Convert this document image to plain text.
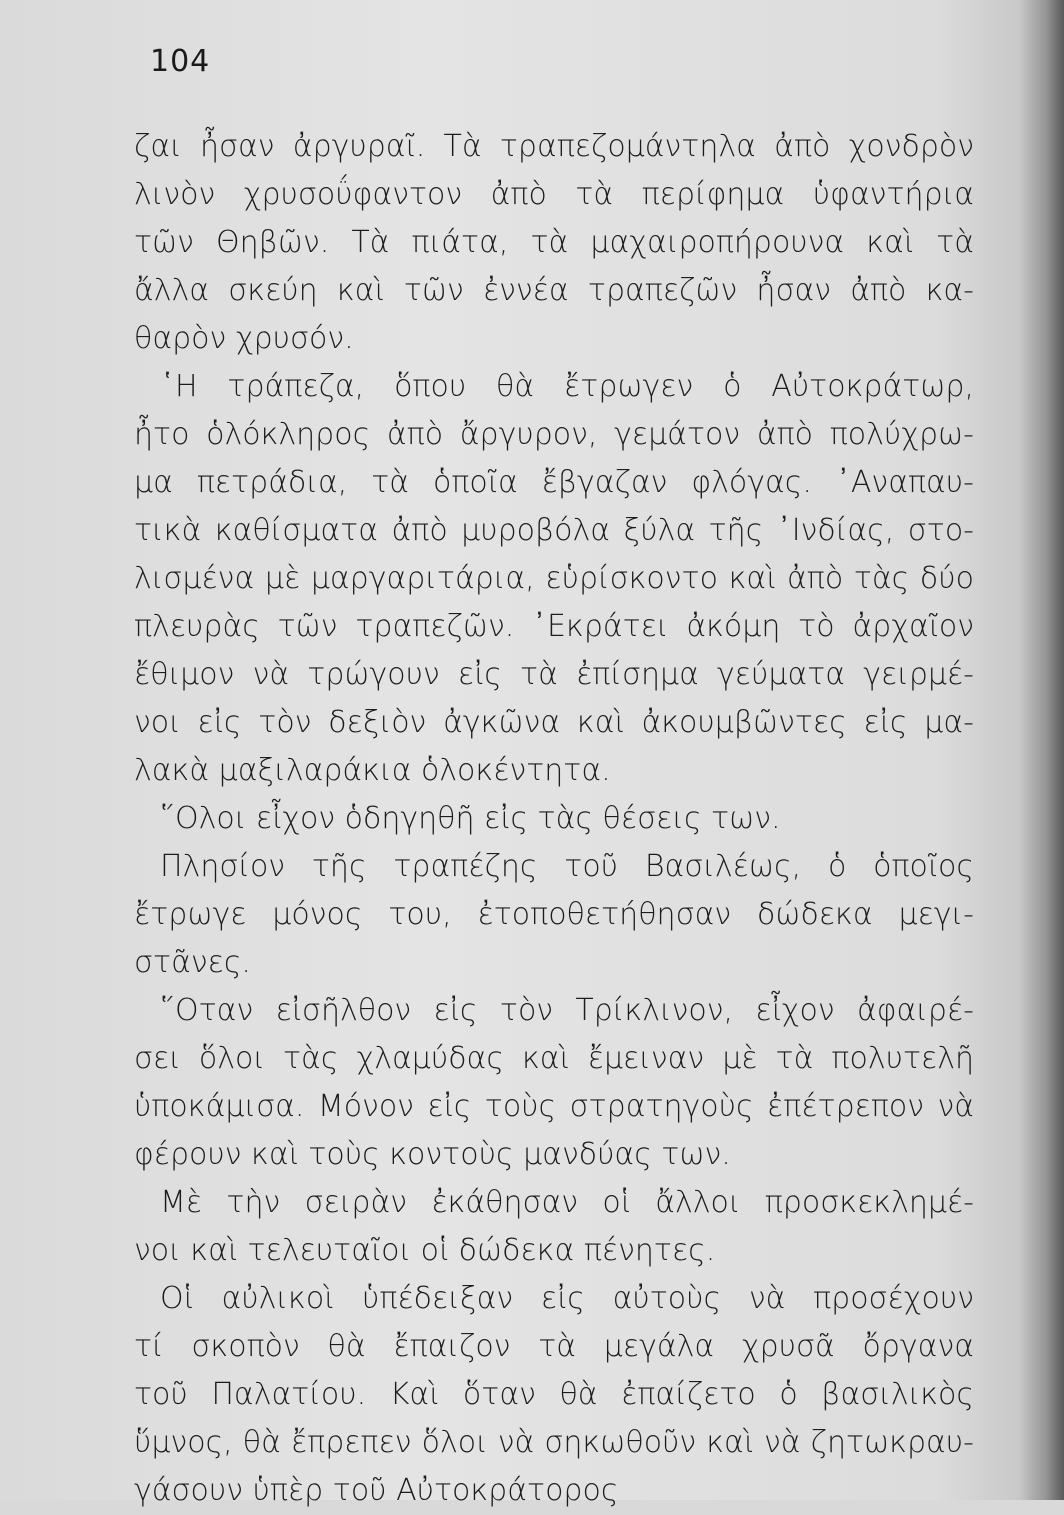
104
ζαι ἦσαν ἀργυραῖ. Τὰ τραπεζομάντηλα ἀπὸ χονδρὸν
λινὸν χρυσοΰφαντον ἀπὸ τὰ περίφημα ὑφαντήρια
τῶν Θηβῶν. Τὰ πιάτα, τὰ μαχαιροπήρουνα καὶ τὰ
ἄλλα σκεύη καὶ τῶν ἐννέα τραπεζῶν ἦσαν ἀπὸ κα-
θαρὸν χρυσόν.
῾Η τράπεζα, ὅπου θὰ ἔτρωγεν ὁ Αὐτοκράτωρ,
ἦτο ὁλόκληρος ἀπὸ ἄργυρον, γεμάτον ἀπὸ πολύχρω-
μα πετράδια, τὰ ὁποῖα ἔβγαζαν φλόγας. ᾽Αναπαυ-
τικὰ καθίσματα ἀπὸ μυροβόλα ξύλα τῆς ᾽Ινδίας, στο-
λισμένα μὲ μαργαριτάρια, εὑρίσκοντο καὶ ἀπὸ τὰς δύο
πλευρὰς τῶν τραπεζῶν. ᾽Εκράτει ἀκόμη τὸ ἀρχαῖον
ἔθιμον νὰ τρώγουν εἰς τὰ ἐπίσημα γεύματα γειρμέ-
νοι εἰς τὸν δεξιὸν ἀγκῶνα καὶ ἀκουμβῶντες εἰς μα-
λακὰ μαξιλαράκια ὁλοκέντητα.
῞Ολοι εἶχον ὁδηγηθῆ εἰς τὰς θέσεις των.
Πλησίον τῆς τραπέζης τοῦ Βασιλέως, ὁ ὁποῖος
ἔτρωγε μόνος του, ἐτοποθετήθησαν δώδεκα μεγι-
στᾶνες.
῞Οταν εἰσῆλθον εἰς τὸν Τρίκλινον, εἶχον ἀφαιρέ-
σει ὅλοι τὰς χλαμύδας καὶ ἔμειναν μὲ τὰ πολυτελῆ
ὑποκάμισα. Μόνον εἰς τοὺς στρατηγοὺς ἐπέτρεπον νὰ
φέρουν καὶ τοὺς κοντοὺς μανδύας των.
Μὲ τὴν σειρὰν ἐκάθησαν οἱ ἄλλοι προσκεκλημέ-
νοι καὶ τελευταῖοι οἱ δώδεκα πένητες.
Οἱ αὐλικοὶ ὑπέδειξαν εἰς αὐτοὺς νὰ προσέχουν
τί σκοπὸν θὰ ἔπαιζον τὰ μεγάλα χρυσᾶ ὄργανα
τοῦ Παλατίου. Καὶ ὅταν θὰ ἐπαίζετο ὁ βασιλικὸς
ὕμνος, θὰ ἔπρεπεν ὅλοι νὰ σηκωθοῦν καὶ νὰ ζητωκραυ-
γάσουν ὑπὲρ τοῦ Αὐτοκράτορος
